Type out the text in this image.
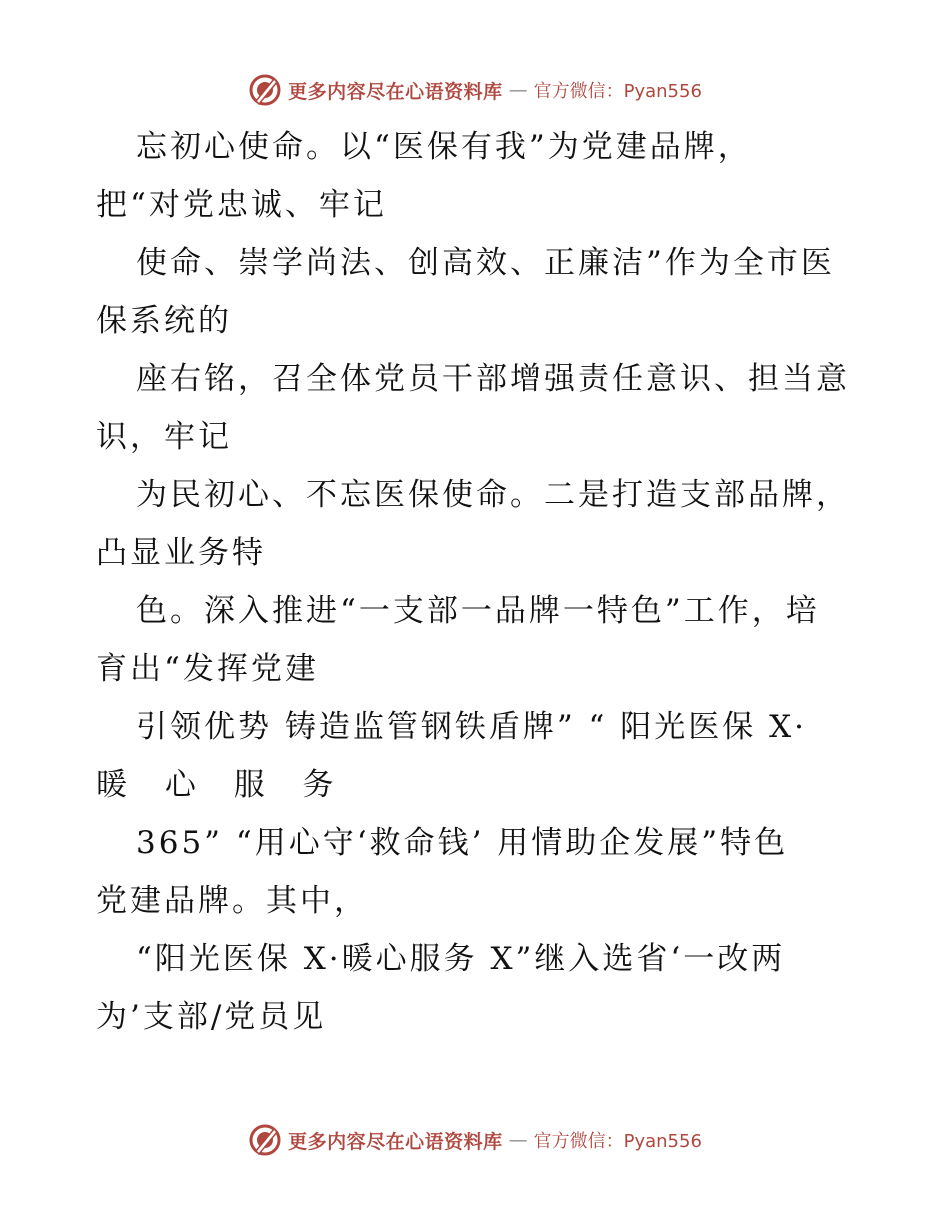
更多内容尽在心语资料库 — 官方微信：Pyan556
忘初心使命。以“医保有我”为党建品牌，
把“对党忠诚、牢记
使命、崇学尚法、创高效、正廉洁”作为全市医
保系统的
座右铭，召全体党员干部增强责任意识、担当意
识，牢记
为民初心、不忘医保使命。二是打造支部品牌，
凸显业务特
色。深入推进“一支部一品牌一特色”工作，培
育出“发挥党建
引领优势 铸造监管钢铁盾牌” “ 阳光医保 X·
暖 心 服 务
365” “用心守‘救命钱’ 用情助企发展”特色
党建品牌。其中，
“阳光医保 X·暖心服务 X”继入选省‘一改两
为’支部/党员见
更多内容尽在心语资料库 — 官方微信：Pyan556
